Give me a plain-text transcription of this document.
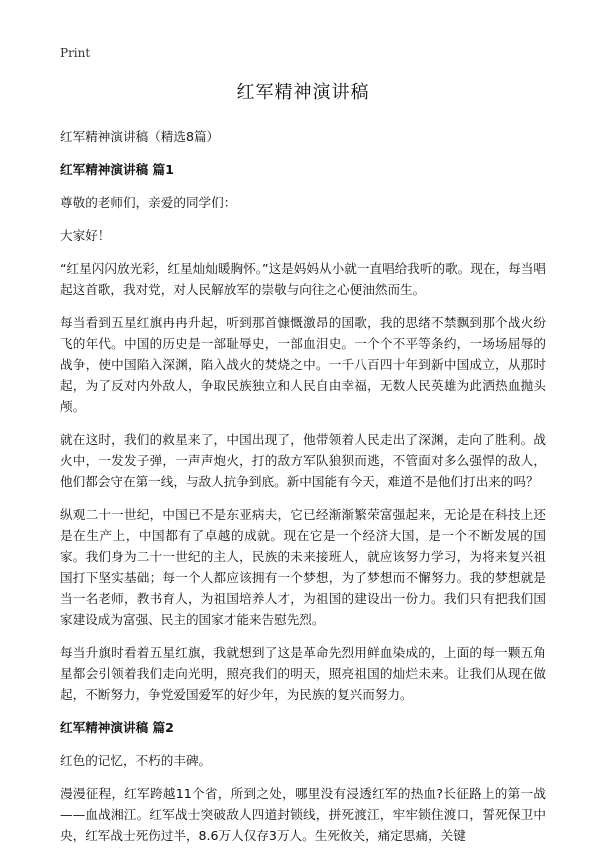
Print
红军精神演讲稿
红军精神演讲稿（精选8篇）
红军精神演讲稿 篇1
尊敬的老师们，亲爱的同学们：
大家好！
“红星闪闪放光彩，红星灿灿暖胸怀。”这是妈妈从小就一直唱给我听的歌。现在，每当唱起这首歌，我对党，对人民解放军的崇敬与向往之心便油然而生。
每当看到五星红旗冉冉升起，听到那首慷慨激昂的国歌，我的思绪不禁飘到那个战火纷飞的年代。中国的历史是一部耻辱史，一部血泪史。一个个不平等条约，一场场屈辱的战争，使中国陷入深渊，陷入战火的焚烧之中。一千八百四十年到新中国成立，从那时起，为了反对内外敌人，争取民族独立和人民自由幸福，无数人民英雄为此洒热血抛头颅。
就在这时，我们的救星来了，中国出现了，他带领着人民走出了深渊，走向了胜利。战火中，一发发子弹，一声声炮火，打的敌方军队狼狈而逃，不管面对多么强悍的敌人，他们都会守在第一线，与敌人抗争到底。新中国能有今天，难道不是他们打出来的吗？
纵观二十一世纪，中国已不是东亚病夫，它已经渐渐繁荣富强起来，无论是在科技上还是在生产上，中国都有了卓越的成就。现在它是一个经济大国，是一个不断发展的国家。我们身为二十一世纪的主人，民族的未来接班人，就应该努力学习，为将来复兴祖国打下坚实基础；每一个人都应该拥有一个梦想，为了梦想而不懈努力。我的梦想就是当一名老师，教书育人，为祖国培养人才，为祖国的建设出一份力。我们只有把我们国家建设成为富强、民主的国家才能来告慰先烈。
每当升旗时看着五星红旗，我就想到了这是革命先烈用鲜血染成的，上面的每一颗五角星都会引领着我们走向光明，照亮我们的明天，照亮祖国的灿烂未来。让我们从现在做起，不断努力，争党爱国爱军的好少年，为民族的复兴而努力。
红军精神演讲稿 篇2
红色的记忆，不朽的丰碑。
漫漫征程，红军跨越11个省，所到之处，哪里没有浸透红军的热血?长征路上的第一战——血战湘江。红军战士突破敌人四道封锁线，拼死渡江，牢牢锁住渡口，誓死保卫中央，红军战士死伤过半，8.6万人仅存3万人。生死攸关，痛定思痛，关键
